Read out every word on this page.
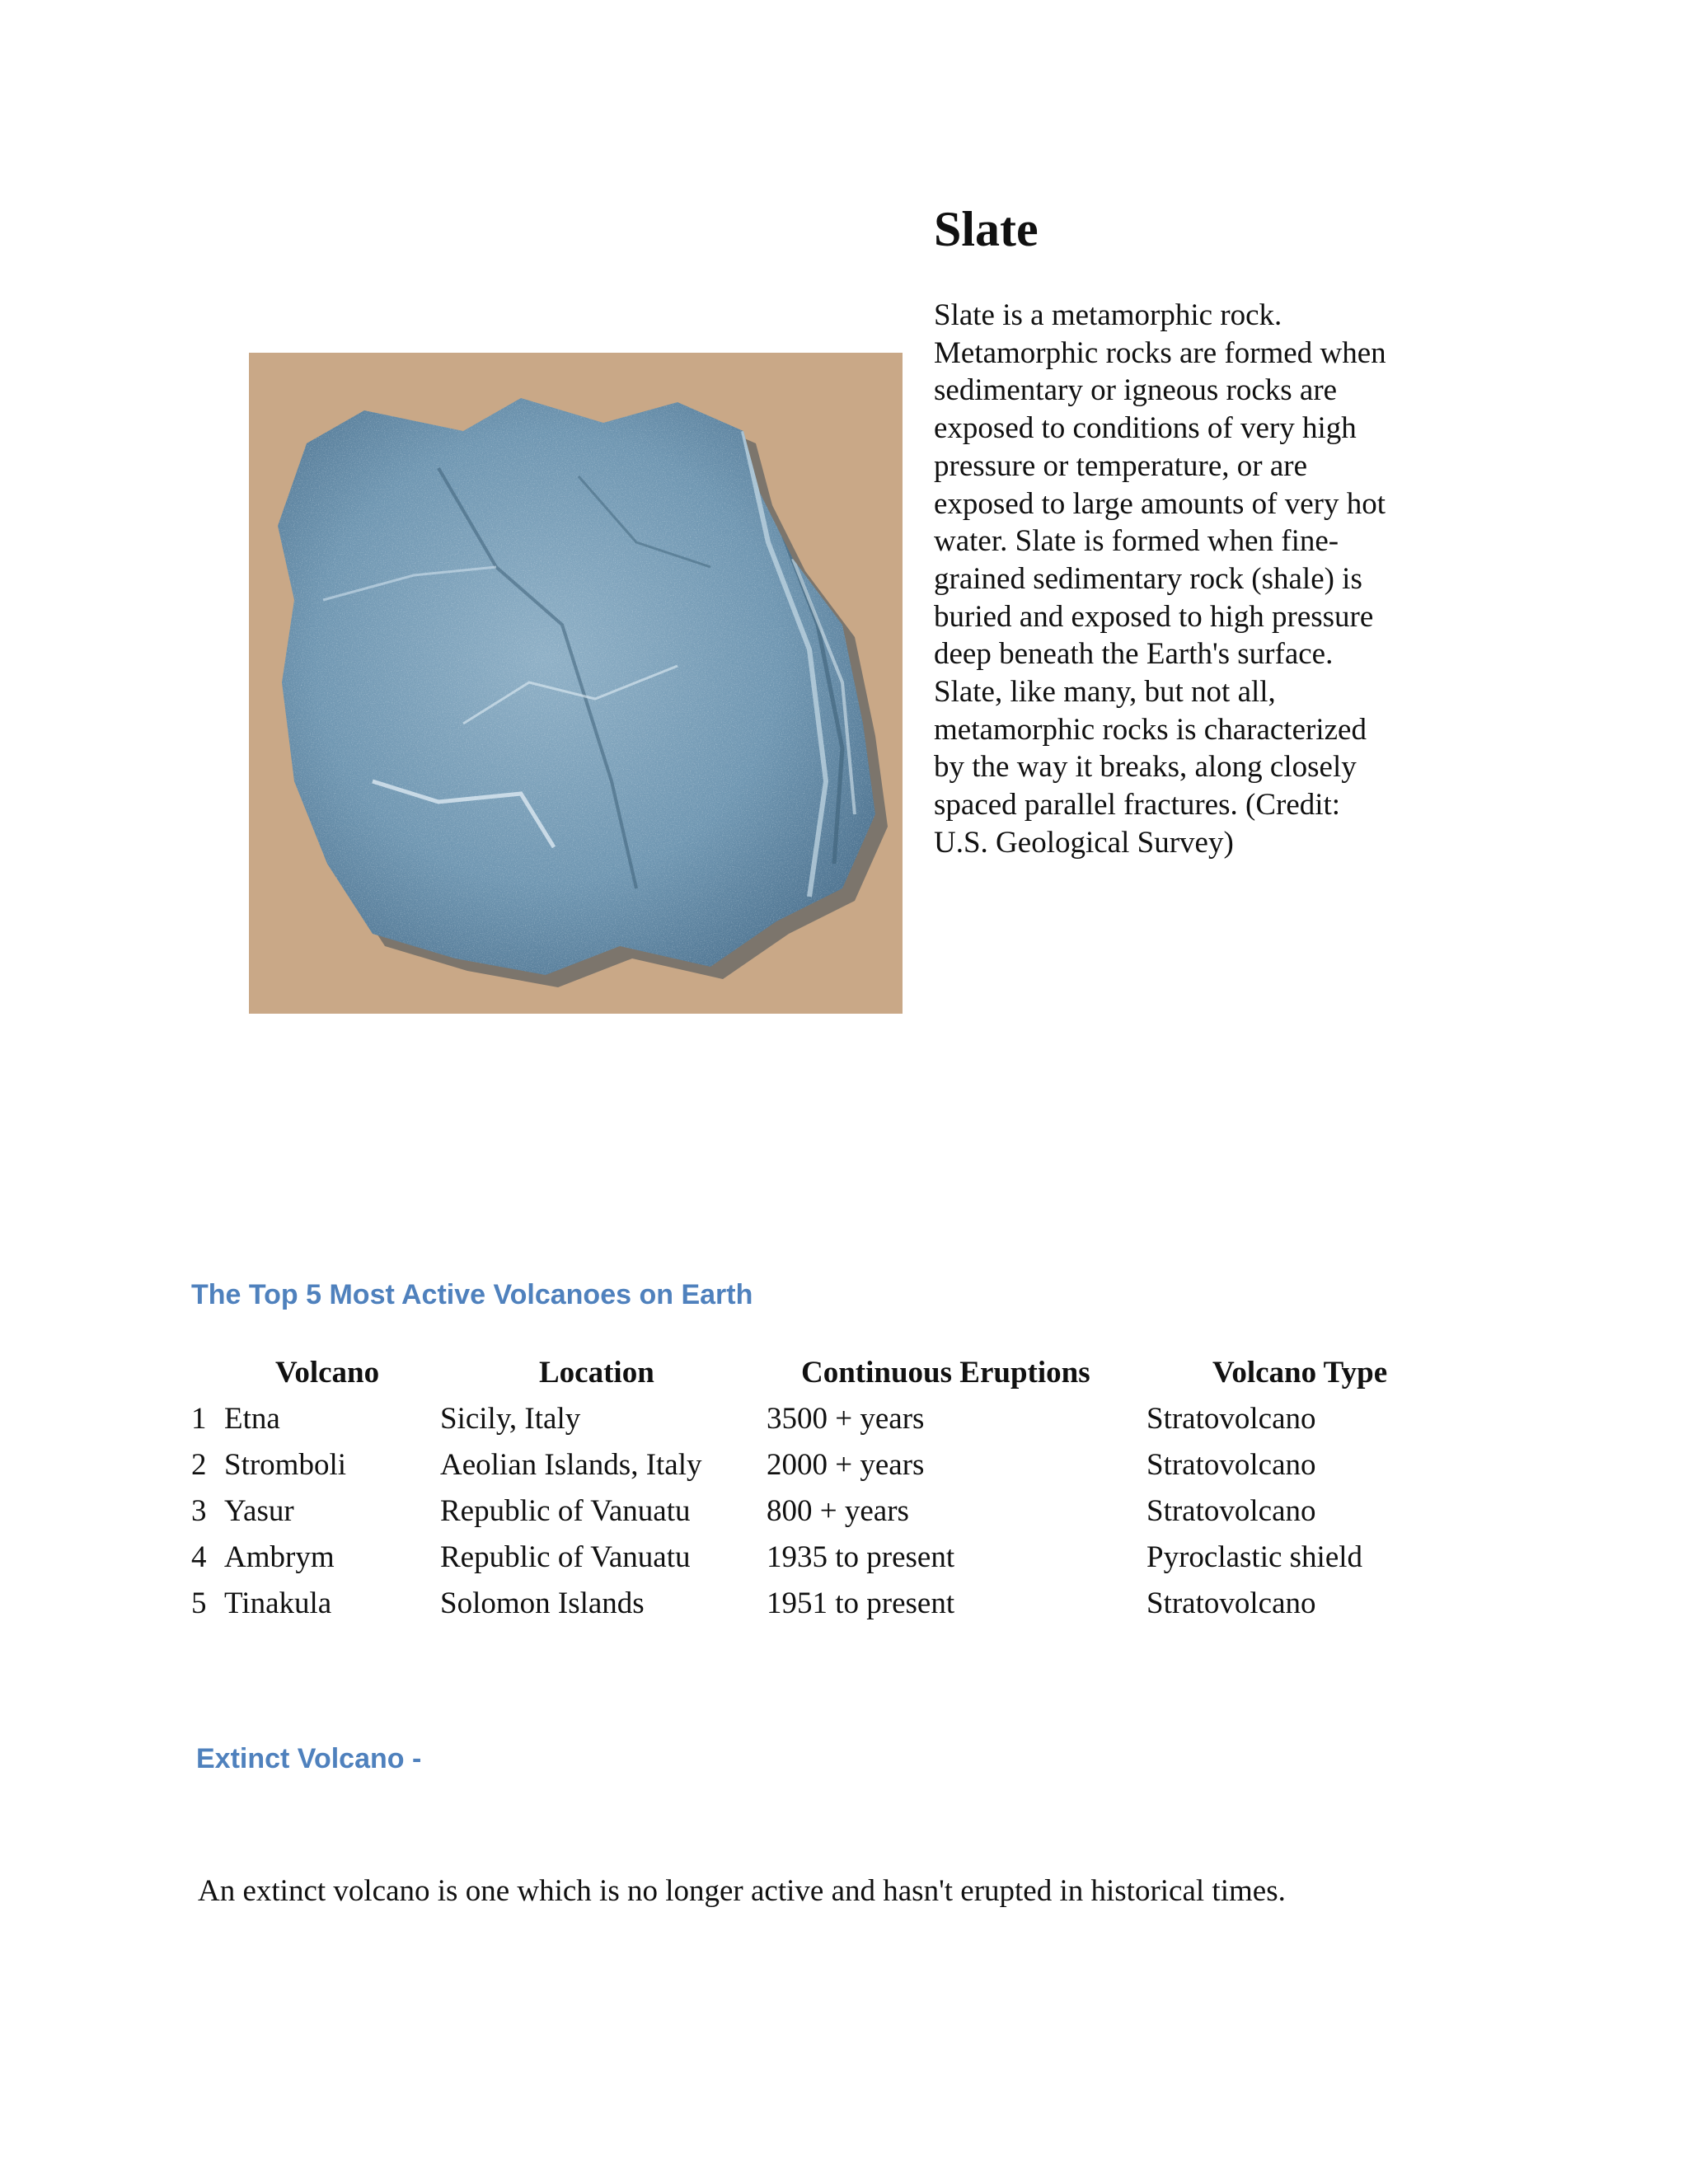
Slate

Slate is a metamorphic rock.
Metamorphic rocks are formed when
sedimentary or igneous rocks are
exposed to conditions of very high
pressure or temperature, or are
exposed to large amounts of very hot
water. Slate is formed when fine-
grained sedimentary rock (shale) is
buried and exposed to high pressure
deep beneath the Earth's surface.
Slate, like many, but not all,
metamorphic rocks is characterized
by the way it breaks, along closely
spaced parallel fractures. (Credit:
U.S. Geological Survey)

The Top 5 Most Active Volcanoes on Earth
Volcano	Location	Continuous Eruptions	Volcano Type
1 Etna	Sicily, Italy	3500 + years	Stratovolcano
2 Stromboli	Aeolian Islands, Italy	2000 + years	Stratovolcano
3 Yasur	Republic of Vanuatu	800 + years	Stratovolcano
4 Ambrym	Republic of Vanuatu	1935 to present	Pyroclastic shield
5 Tinakula	Solomon Islands	1951 to present	Stratovolcano
Extinct Volcano -

An extinct volcano is one which is no longer active and hasn't erupted in historical times.
